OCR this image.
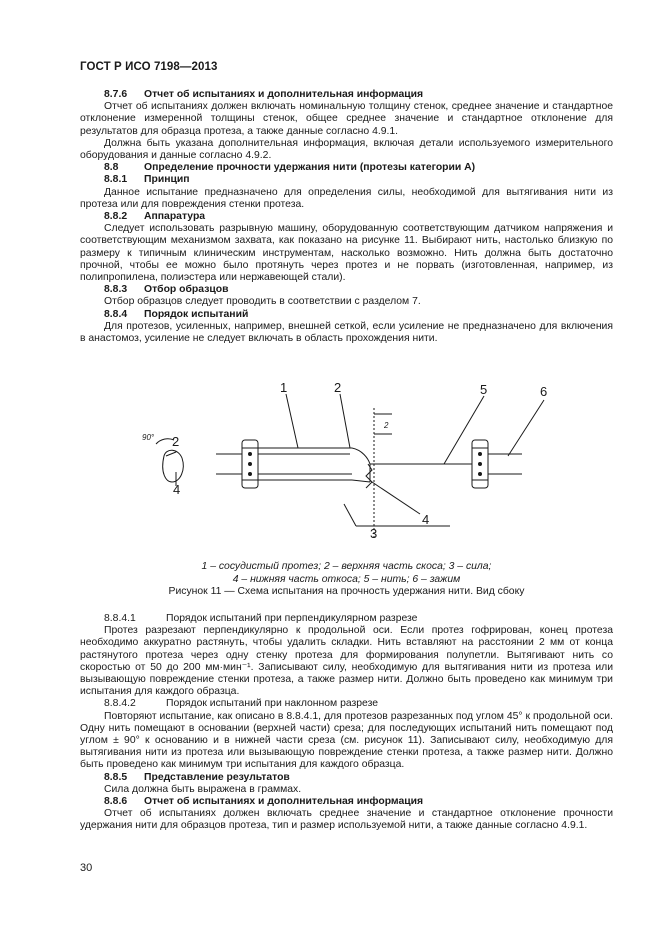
ГОСТ Р ИСО 7198—2013

8.7.6 Отчет об испытаниях и дополнительная информация

Отчет об испытаниях должен включать номинальную толщину стенок, среднее значение и стандартное отклонение измеренной толщины стенок, общее среднее значение и стандартное отклонение для результатов для образца протеза, а также данные согласно 4.9.1.

Должна быть указана дополнительная информация, включая детали используемого измерительного оборудования и данные согласно 4.9.2.

8.8 Определение прочности удержания нити (протезы категории A)

8.8.1 Принцип

Данное испытание предназначено для определения силы, необходимой для вытягивания нити из протеза или для повреждения стенки протеза.

8.8.2 Аппаратура

Следует использовать разрывную машину, оборудованную соответствующим датчиком напряжения и соответствующим механизмом захвата, как показано на рисунке 11. Выбирают нить, настолько близкую по размеру к типичным клиническим инструментам, насколько возможно. Нить должна быть достаточно прочной, чтобы ее можно было протянуть через протез и не порвать (изготовленная, например, из полипропилена, полиэстера или нержавеющей стали).

8.8.3 Отбор образцов

Отбор образцов следует проводить в соответствии с разделом 7.

8.8.4 Порядок испытаний

Для протезов, усиленных, например, внешней сеткой, если усиление не предназначено для включения в анастомоз, усиление не следует включать в область прохождения нити.

1	2	5	6
2
4
3
4
90°
2
1 – сосудистый протез; 2 – верхняя часть скоса; 3 – сила;
4 – нижняя часть откоса; 5 – нить; 6 – зажим
Рисунок 11 — Схема испытания на прочность удержания нити. Вид сбоку

8.8.4.1	Порядок испытаний при перпендикулярном разрезе

Протез разрезают перпендикулярно к продольной оси. Если протез гофрирован, конец протеза необходимо аккуратно растянуть, чтобы удалить складки. Нить вставляют на расстоянии 2 мм от конца растянутого протеза через одну стенку протеза для формирования полупетли. Вытягивают нить со скоростью от 50 до 200 мм·мин⁻¹. Записывают силу, необходимую для вытягивания нити из протеза или вызывающую повреждение стенки протеза, а также размер нити. Должно быть проведено как минимум три испытания для каждого образца.

8.8.4.2	Порядок испытаний при наклонном разрезе

Повторяют испытание, как описано в 8.8.4.1, для протезов разрезанных под углом 45° к продольной оси. Одну нить помещают в основании (верхней части) среза; для последующих испытаний нить помещают под углом ± 90° к основанию и в нижней части среза (см. рисунок 11). Записывают силу, необходимую для вытягивания нити из протеза или вызывающую повреждение стенки протеза, а также размер нити. Должно быть проведено как минимум три испытания для каждого образца.

8.8.5 Представление результатов

Сила должна быть выражена в граммах.

8.8.6 Отчет об испытаниях и дополнительная информация

Отчет об испытаниях должен включать среднее значение и стандартное отклонение прочности удержания нити для образцов протеза, тип и размер используемой нити, а также данные согласно 4.9.1.

30
